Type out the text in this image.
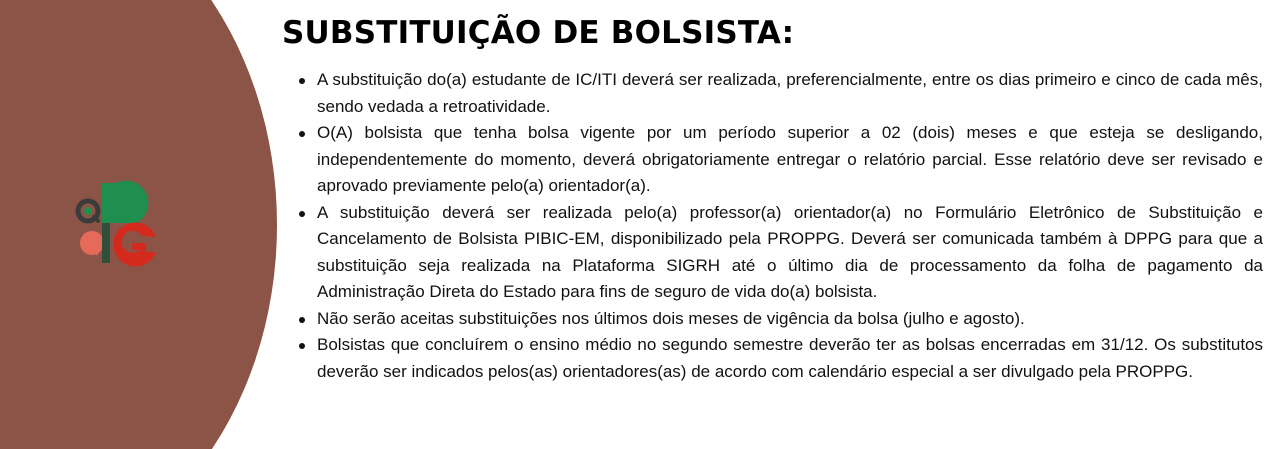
SUBSTITUIÇÃO DE BOLSISTA:
A substituição do(a) estudante de IC/ITI deverá ser realizada, preferencialmente, entre os dias primeiro e cinco de cada mês, sendo vedada a retroatividade.
O(A) bolsista que tenha bolsa vigente por um período superior a 02 (dois) meses e que esteja se desligando, independentemente do momento, deverá obrigatoriamente entregar o relatório parcial. Esse relatório deve ser revisado e aprovado previamente pelo(a) orientador(a).
A substituição deverá ser realizada pelo(a) professor(a) orientador(a) no Formulário Eletrônico de Substituição e Cancelamento de Bolsista PIBIC-EM, disponibilizado pela PROPPG. Deverá ser comunicada também à DPPG para que a substituição seja realizada na Plataforma SIGRH até o último dia de processamento da folha de pagamento da Administração Direta do Estado para fins de seguro de vida do(a) bolsista.
Não serão aceitas substituições nos últimos dois meses de vigência da bolsa (julho e agosto).
Bolsistas que concluírem o ensino médio no segundo semestre deverão ter as bolsas encerradas em 31/12. Os substitutos deverão ser indicados pelos(as) orientadores(as) de acordo com calendário especial a ser divulgado pela PROPPG.
